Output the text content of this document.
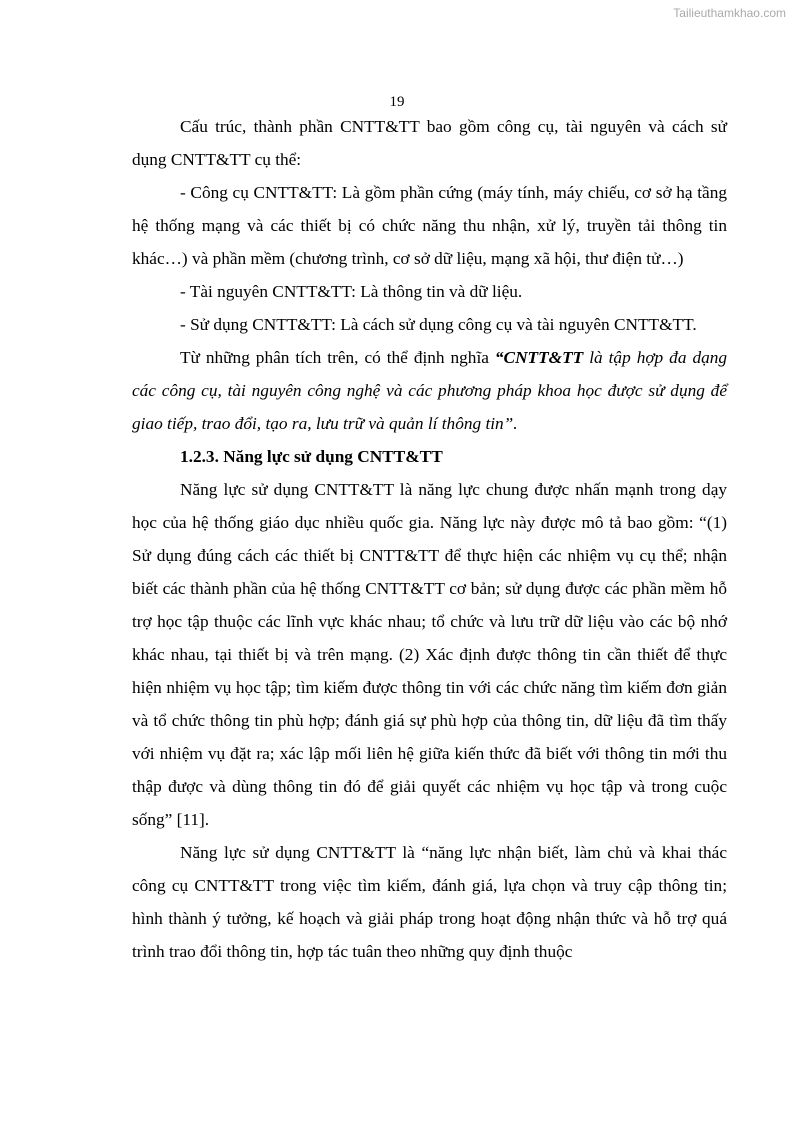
Tailieuthamkhao.com
19

Cấu trúc, thành phần CNTT&TT bao gồm công cụ, tài nguyên và cách sử dụng CNTT&TT cụ thể:

- Công cụ CNTT&TT: Là gồm phần cứng (máy tính, máy chiếu, cơ sở hạ tầng hệ thống mạng và các thiết bị có chức năng thu nhận, xử lý, truyền tải thông tin khác…) và phần mềm (chương trình, cơ sở dữ liệu, mạng xã hội, thư điện tử…)

- Tài nguyên CNTT&TT: Là thông tin và dữ liệu.

- Sử dụng CNTT&TT: Là cách sử dụng công cụ và tài nguyên CNTT&TT.

Từ những phân tích trên, có thể định nghĩa “CNTT&TT là tập hợp đa dạng các công cụ, tài nguyên công nghệ và các phương pháp khoa học được sử dụng để giao tiếp, trao đổi, tạo ra, lưu trữ và quản lí thông tin”.

1.2.3. Năng lực sử dụng CNTT&TT

Năng lực sử dụng CNTT&TT là năng lực chung được nhấn mạnh trong dạy học của hệ thống giáo dục nhiều quốc gia. Năng lực này được mô tả bao gồm: “(1) Sử dụng đúng cách các thiết bị CNTT&TT để thực hiện các nhiệm vụ cụ thể; nhận biết các thành phần của hệ thống CNTT&TT cơ bản; sử dụng được các phần mềm hỗ trợ học tập thuộc các lĩnh vực khác nhau; tổ chức và lưu trữ dữ liệu vào các bộ nhớ khác nhau, tại thiết bị và trên mạng. (2) Xác định được thông tin cần thiết để thực hiện nhiệm vụ học tập; tìm kiếm được thông tin với các chức năng tìm kiếm đơn giản và tổ chức thông tin phù hợp; đánh giá sự phù hợp của thông tin, dữ liệu đã tìm thấy với nhiệm vụ đặt ra; xác lập mối liên hệ giữa kiến thức đã biết với thông tin mới thu thập được và dùng thông tin đó để giải quyết các nhiệm vụ học tập và trong cuộc sống” [11].

Năng lực sử dụng CNTT&TT là “năng lực nhận biết, làm chủ và khai thác công cụ CNTT&TT trong việc tìm kiếm, đánh giá, lựa chọn và truy cập thông tin; hình thành ý tưởng, kế hoạch và giải pháp trong hoạt động nhận thức và hỗ trợ quá trình trao đổi thông tin, hợp tác tuân theo những quy định thuộc
